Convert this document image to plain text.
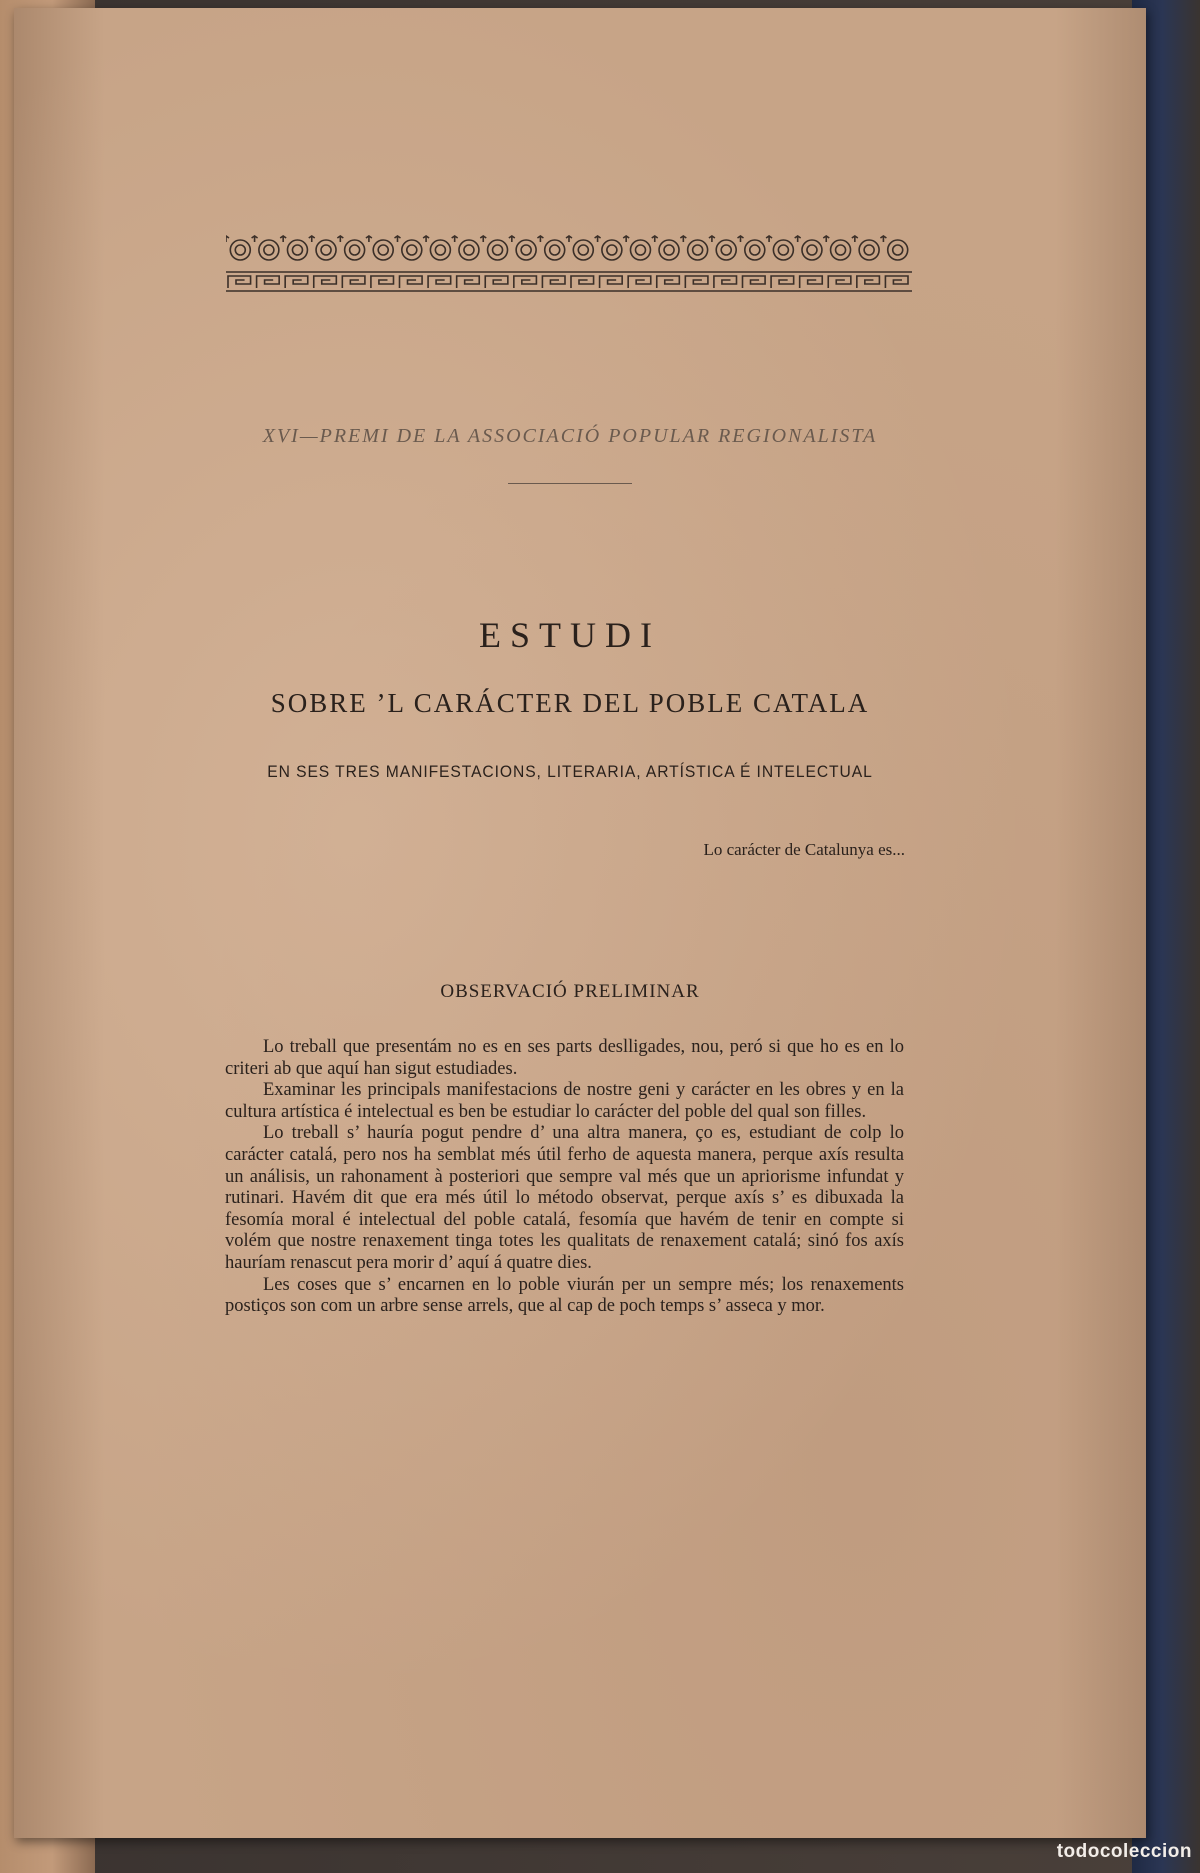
XVI—PREMI DE LA ASSOCIACIÓ POPULAR REGIONALISTA
ESTUDI
SOBRE ’L CARÁCTER DEL POBLE CATALA
EN SES TRES MANIFESTACIONS, LITERARIA, ARTÍSTICA É INTELECTUAL
Lo carácter de Catalunya es...
OBSERVACIÓ PRELIMINAR

Lo treball que presentám no es en ses parts deslligades, nou, peró si que ho es en lo criteri ab que aquí han sigut estudiades.

Examinar les principals manifestacions de nostre geni y carácter en les obres y en la cultura artística é intelectual es ben be estudiar lo carácter del poble del qual son filles.

Lo treball s’ hauría pogut pendre d’ una altra manera, ço es, estudiant de colp lo carácter catalá, pero nos ha semblat més útil ferho de aquesta manera, perque axís resulta un análisis, un rahonament à posteriori que sempre val més que un apriorisme infundat y rutinari. Havém dit que era més útil lo método observat, perque axís s’ es dibuxada la fesomía moral é intelectual del poble catalá, fesomía que havém de tenir en compte si volém que nostre renaxement tinga totes les qualitats de renaxement catalá; sinó fos axís hauríam renascut pera morir d’ aquí á quatre dies.

Les coses que s’ encarnen en lo poble viurán per un sempre més; los renaxements postiços son com un arbre sense arrels, que al cap de poch temps s’ asseca y mor.

todocoleccion
